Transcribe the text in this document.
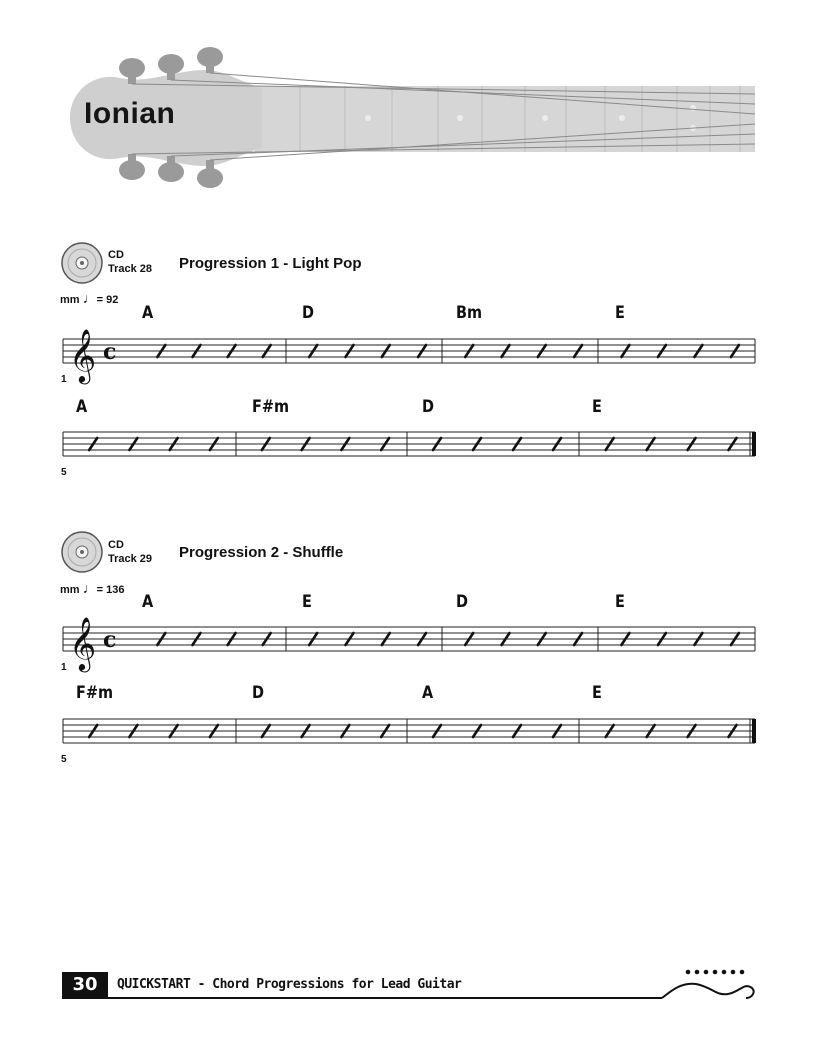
Ionian
CD
Track 28 Progression 1 - Light Pop
mm ♩= 92
A	D	Bm	E
𝄞 c
1
A	F#m	D	E
5
CD
Track 29 Progression 2 - Shuffle
mm ♩= 136
A	E	D	E
𝄞 c
1
F#m	D	A	E
5
30	QUICKSTART - Chord Progressions for Lead Guitar
